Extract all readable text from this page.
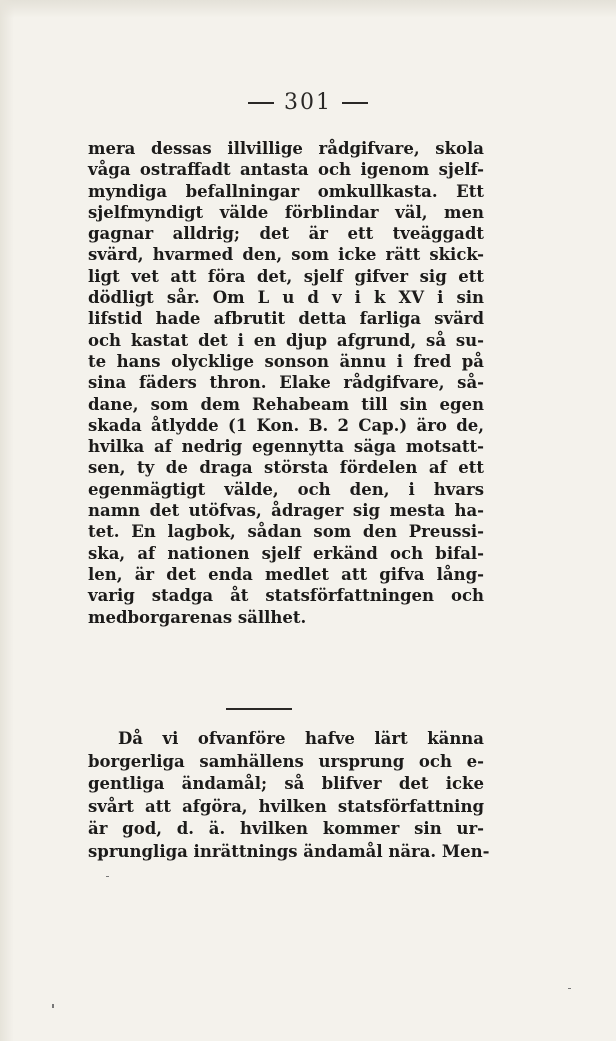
301
mera dessas illvillige rådgifvare, skola
våga ostraffadt antasta och igenom sjelf-
myndiga befallningar omkullkasta. Ett
sjelfmyndigt välde förblindar väl, men
gagnar alldrig; det är ett tveäggadt
svärd, hvarmed den, som icke rätt skick-
ligt vet att föra det, sjelf gifver sig ett
dödligt sår. Om L u d v i k XV i sin
lifstid hade afbrutit detta farliga svärd
och kastat det i en djup afgrund, så su-
te hans olycklige sonson ännu i fred på
sina fäders thron. Elake rådgifvare, så-
dane, som dem Rehabeam till sin egen
skada åtlydde (1 Kon. B. 2 Cap.) äro de,
hvilka af nedrig egennytta säga motsatt-
sen, ty de draga största fördelen af ett
egenmägtigt välde, och den, i hvars
namn det utöfvas, ådrager sig mesta ha-
tet. En lagbok, sådan som den Preussi-
ska, af nationen sjelf erkänd och bifal-
len, är det enda medlet att gifva lång-
varig stadga åt statsförfattningen och
medborgarenas sällhet.
Då vi ofvanföre hafve lärt känna
borgerliga samhällens ursprung och e-
gentliga ändamål; så blifver det icke
svårt att afgöra, hvilken statsförfattning
är god, d. ä. hvilken kommer sin ur-
sprungliga inrättnings ändamål nära. Men-
